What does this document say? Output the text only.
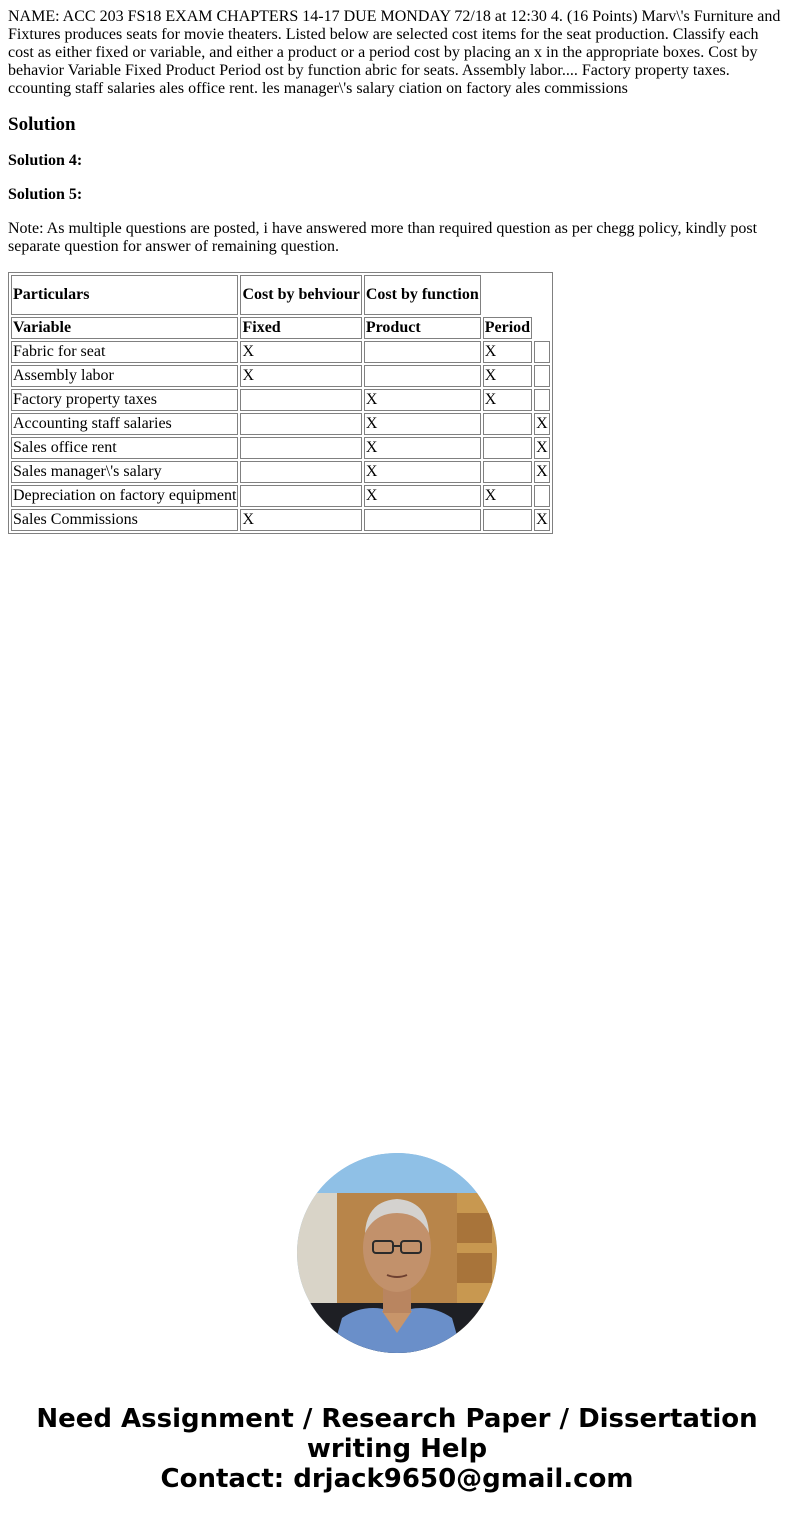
NAME: ACC 203 FS18 EXAM CHAPTERS 14-17 DUE MONDAY 72/18 at 12:30 4. (16 Points) Marv\'s Furniture and Fixtures produces seats for movie theaters. Listed below are selected cost items for the seat production. Classify each cost as either fixed or variable, and either a product or a period cost by placing an x in the appropriate boxes. Cost by behavior Variable Fixed Product Period ost by function abric for seats. Assembly labor.... Factory property taxes. ccounting staff salaries ales office rent. les manager\'s salary ciation on factory ales commissions
Solution
Solution 4:
Solution 5:

Note: As multiple questions are posted, i have answered more than required question as per chegg policy, kindly post separate question for answer of remaining question.

Particulars	Cost by behviour	Cost by function		
Variable	Fixed	Product	Period	
Fabric for seat	X		X	
Assembly labor	X		X	
Factory property taxes		X	X	
Accounting staff salaries		X		X
Sales office rent		X		X
Sales manager\'s salary		X		X
Depreciation on factory equipment		X	X	
Sales Commissions	X			X
Need Assignment / Research Paper / Dissertation
writing Help
Contact: drjack9650@gmail.com
